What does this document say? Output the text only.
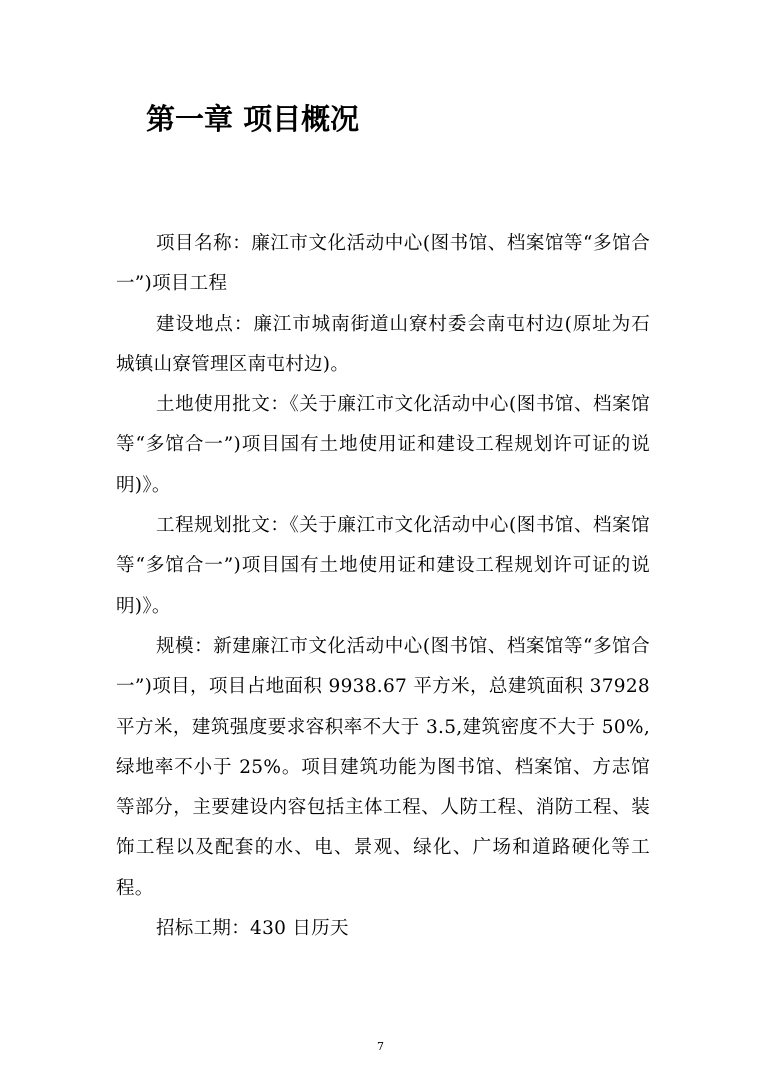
第一章 项目概况

项目名称 ： 廉江市文化活动中心(图书馆、档案馆等“多馆合一”)项目工程

建设地点 ： 廉江市城南街道山寮村委会南屯村边(原址为石城镇山寮管理区南屯村边)。

土地使用批文 ： 《关于廉江市文化活动中心(图书馆、档案馆等“多馆合一”)项目国有土地使用证和建设工程规划许可证的说明)》。

工程规划批文 ： 《关于廉江市文化活动中心(图书馆、档案馆等“多馆合一”)项目国有土地使用证和建设工程规划许可证的说明)》。

规模 ： 新建廉江市文化活动中心(图书馆、档案馆等“多馆合一”)项目，项目占地面积 9938.67 平方米，总建筑面积 37928 平方米，建筑强度要求容积率不大于 3.5,建筑密度不大于 50%,绿地率不小于 25%。项目建筑功能为图书馆、档案馆、方志馆等部分，主要建设内容包括主体工程、人防工程、消防工程、装饰工程以及配套的水、电、景观、绿化、广场和道路硬化等工程。

招标工期 ： 430 日历天

7
